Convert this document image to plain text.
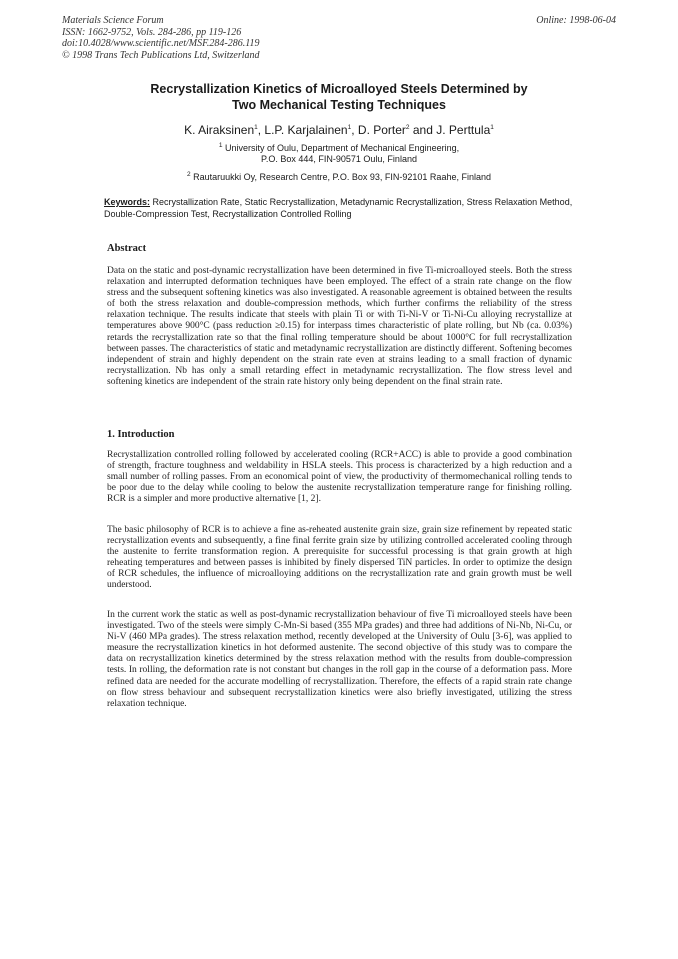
Materials Science Forum
ISSN: 1662-9752, Vols. 284-286, pp 119-126
doi:10.4028/www.scientific.net/MSF.284-286.119
© 1998 Trans Tech Publications Ltd, Switzerland
Online: 1998-06-04
Recrystallization Kinetics of Microalloyed Steels Determined by
Two Mechanical Testing Techniques
K. Airaksinen$^1$, L.P. Karjalainen$^1$, D. Porter$^2$ and J. Perttula$^1$
$^1$ University of Oulu, Department of Mechanical Engineering,
P.O. Box 444, FIN-90571 Oulu, Finland
$^2$ Rautaruukki Oy, Research Centre, P.O. Box 93, FIN-92101 Raahe, Finland
Keywords: Recrystallization Rate, Static Recrystallization, Metadynamic Recrystallization, Stress Relaxation Method, Double-Compression Test, Recrystallization Controlled Rolling
Abstract
Data on the static and post-dynamic recrystallization have been determined in five Ti-microalloyed steels. Both the stress relaxation and interrupted deformation techniques have been employed. The effect of a strain rate change on the flow stress and the subsequent softening kinetics was also investigated. A reasonable agreement is obtained between the results of both the stress relaxation and double-compression methods, which further confirms the reliability of the stress relaxation technique. The results indicate that steels with plain Ti or with Ti-Ni-V or Ti-Ni-Cu alloying recrystallize at temperatures above 900°C (pass reduction ≥0.15) for interpass times characteristic of plate rolling, but Nb (ca. 0.03%) retards the recrystallization rate so that the final rolling temperature should be about 1000°C for full recrystallization between passes. The characteristics of static and metadynamic recrystallization are distinctly different. Softening becomes independent of strain and highly dependent on the strain rate even at strains leading to a small fraction of dynamic recrystallization. Nb has only a small retarding effect in metadynamic recrystallization. The flow stress level and softening kinetics are independent of the strain rate history only being dependent on the final strain rate.
1. Introduction
Recrystallization controlled rolling followed by accelerated cooling (RCR+ACC) is able to provide a good combination of strength, fracture toughness and weldability in HSLA steels. This process is characterized by a high reduction and a small number of rolling passes. From an economical point of view, the productivity of thermomechanical rolling tends to be poor due to the delay while cooling to below the austenite recrystallization temperature range for finishing rolling. RCR is a simpler and more productive alternative [1, 2].
The basic philosophy of RCR is to achieve a fine as-reheated austenite grain size, grain size refinement by repeated static recrystallization events and subsequently, a fine final ferrite grain size by utilizing controlled accelerated cooling through the austenite to ferrite transformation region. A prerequisite for successful processing is that grain growth at high reheating temperatures and between passes is inhibited by finely dispersed TiN particles. In order to optimize the design of RCR schedules, the influence of microalloying additions on the recrystallization rate and grain growth must be well understood.
In the current work the static as well as post-dynamic recrystallization behaviour of five Ti microalloyed steels have been investigated. Two of the steels were simply C-Mn-Si based (355 MPa grades) and three had additions of Ni-Nb, Ni-Cu, or Ni-V (460 MPa grades). The stress relaxation method, recently developed at the University of Oulu [3-6], was applied to measure the recrystallization kinetics in hot deformed austenite. The second objective of this study was to compare the data on recrystallization kinetics determined by the stress relaxation method with the results from double-compression tests. In rolling, the deformation rate is not constant but changes in the roll gap in the course of a deformation pass. More refined data are needed for the accurate modelling of recrystallization. Therefore, the effects of a rapid strain rate change on flow stress behaviour and subsequent recrystallization kinetics were also briefly investigated, utilizing the stress relaxation technique.
